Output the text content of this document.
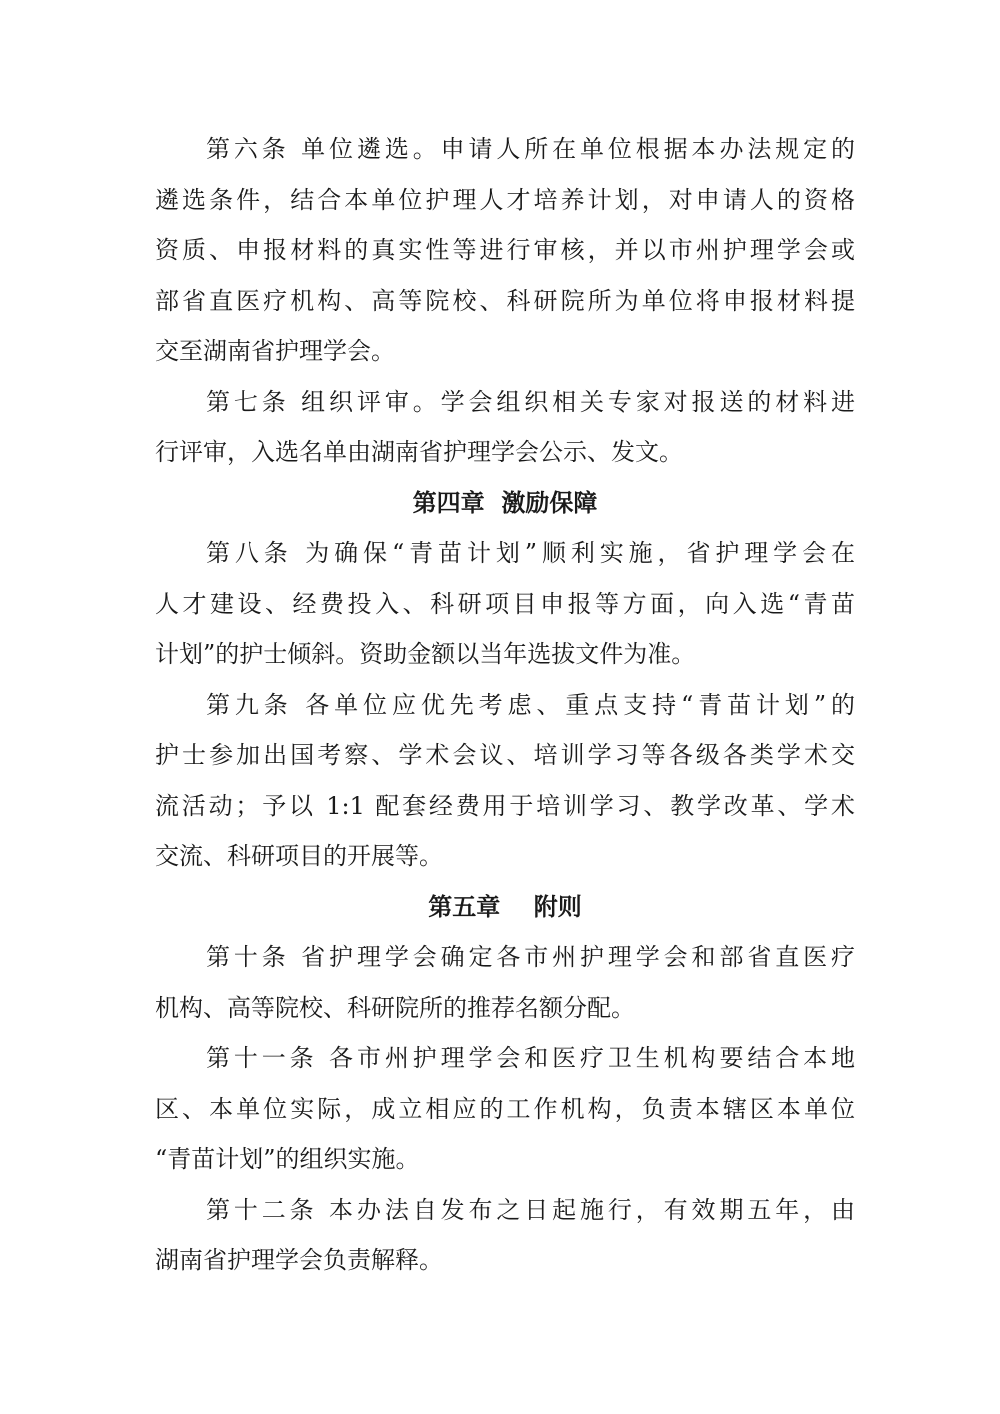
第六条 单位遴选。申请人所在单位根据本办法规定的
遴选条件，结合本单位护理人才培养计划，对申请人的资格
资质、申报材料的真实性等进行审核，并以市州护理学会或
部省直医疗机构、高等院校、科研院所为单位将申报材料提
交至湖南省护理学会。
第七条 组织评审。学会组织相关专家对报送的材料进
行评审，入选名单由湖南省护理学会公示、发文。
第四章  激励保障
第八条 为确保“青苗计划”顺利实施，省护理学会在
人才建设、经费投入、科研项目申报等方面，向入选“青苗
计划”的护士倾斜。资助金额以当年选拔文件为准。
第九条 各单位应优先考虑、重点支持“青苗计划”的
护士参加出国考察、学术会议、培训学习等各级各类学术交
流活动；予以 1:1 配套经费用于培训学习、教学改革、学术
交流、科研项目的开展等。
第五章    附则
第十条 省护理学会确定各市州护理学会和部省直医疗
机构、高等院校、科研院所的推荐名额分配。
第十一条 各市州护理学会和医疗卫生机构要结合本地
区、本单位实际，成立相应的工作机构，负责本辖区本单位
“青苗计划”的组织实施。
第十二条 本办法自发布之日起施行，有效期五年，由
湖南省护理学会负责解释。
